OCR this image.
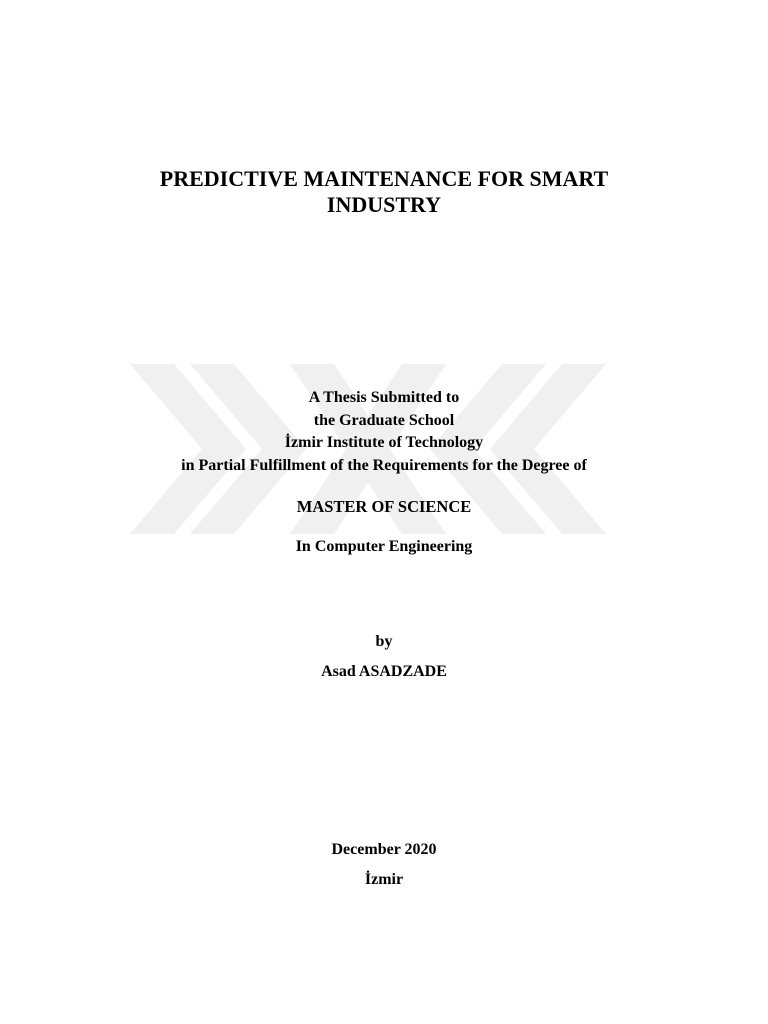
PREDICTIVE MAINTENANCE FOR SMART
INDUSTRY
A Thesis Submitted to
the Graduate School
İzmir Institute of Technology
in Partial Fulfillment of the Requirements for the Degree of
MASTER OF SCIENCE
In Computer Engineering
by
Asad ASADZADE
December 2020
İzmir
